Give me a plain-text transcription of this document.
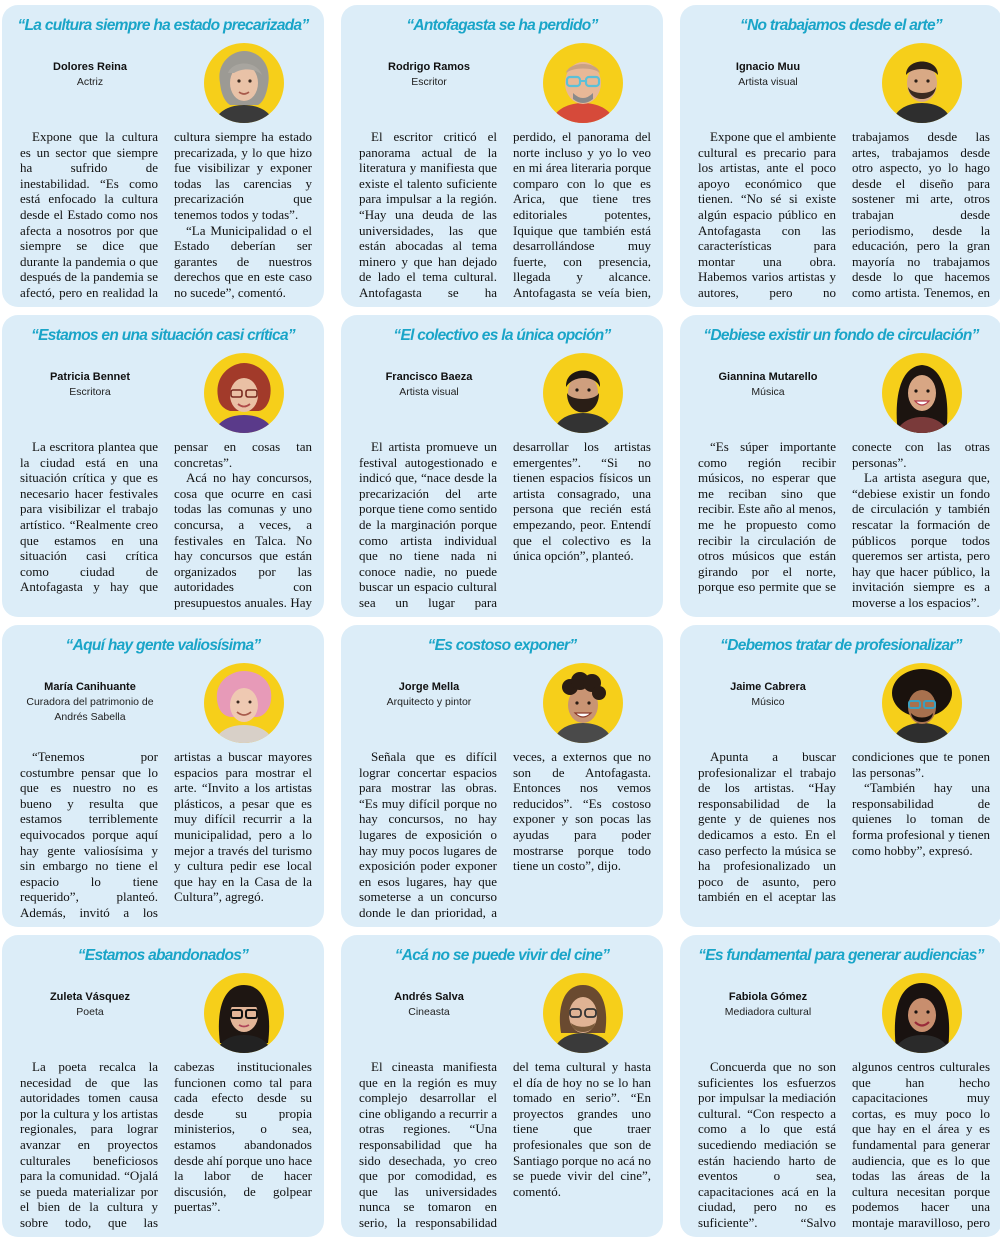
“La cultura siempre ha estado precarizada”
Dolores Reina
Actriz

Expone que la cultura es un sector que siempre ha sufrido de inestabilidad. “Es como está enfocado la cultura desde el Estado como nos afecta a nosotros por que siempre se dice que durante la pandemia o que después de la pandemia se afectó, pero en realidad la cultura siempre ha estado precarizada, y lo que hizo fue visibilizar y exponer todas las carencias y precarización que tenemos todos y todas”.

“La Municipalidad o el Estado deberían ser garantes de nuestros derechos que en este caso no sucede”, comentó.

“Antofagasta se ha perdido”
Rodrigo Ramos
Escritor

El escritor criticó el panorama actual de la literatura y manifiesta que existe el talento suficiente para impulsar a la región. “Hay una deuda de las universidades, las que están abocadas al tema minero y que han dejado de lado el tema cultural. Antofagasta se ha perdido, el panorama del norte incluso y yo lo veo en mi área literaria porque comparo con lo que es Arica, que tiene tres editoriales potentes, Iquique que también está desarrollándose muy fuerte, con presencia, llegada y alcance. Antofagasta se veía bien,

“No trabajamos desde el arte”
Ignacio Muu
Artista visual

Expone que el ambiente cultural es precario para los artistas, ante el poco apoyo económico que tienen. “No sé si existe algún espacio público en Antofagasta con las características para montar una obra. Habemos varios artistas y autores, pero no trabajamos desde las artes, trabajamos desde otro aspecto, yo lo hago desde el diseño para sostener mi arte, otros trabajan desde periodismo, desde la educación, pero la gran mayoría no trabajamos desde lo que hacemos como artista. Tenemos, en

“Estamos en una situación casi crítica”
Patricia Bennet
Escritora

La escritora plantea que la ciudad está en una situación crítica y que es necesario hacer festivales para visibilizar el trabajo artístico. “Realmente creo que estamos en una situación casi crítica como ciudad de Antofagasta y hay que pensar en cosas tan concretas”.

Acá no hay concursos, cosa que ocurre en casi todas las comunas y uno concursa, a veces, a festivales en Talca. No hay concursos que están organizados por las autoridades con presupuestos anuales. Hay

“El colectivo es la única opción”
Francisco Baeza
Artista visual

El artista promueve un festival autogestionado e indicó que, “nace desde la precarización del arte porque tiene como sentido de la marginación porque como artista individual que no tiene nada ni conoce nadie, no puede buscar un espacio cultural sea un lugar para desarrollar los artistas emergentes”. “Si no tienen espacios físicos un artista consagrado, una persona que recién está empezando, peor. Entendí que el colectivo es la única opción”, planteó.

“Debiese existir un fondo de circulación”
Giannina Mutarello
Música

“Es súper importante como región recibir músicos, no esperar que me reciban sino que recibir. Este año al menos, me he propuesto como recibir la circulación de otros músicos que están girando por el norte, porque eso permite que se conecte con las otras personas”.

La artista asegura que, “debiese existir un fondo de circulación y también rescatar la formación de públicos porque todos queremos ser artista, pero hay que hacer público, la invitación siempre es a moverse a los espacios”.

“Aquí hay gente valiosísima”
María Canihuante
Curadora del patrimonio de Andrés Sabella

“Tenemos por costumbre pensar que lo que es nuestro no es bueno y resulta que estamos terriblemente equivocados porque aquí hay gente valiosísima y sin embargo no tiene el espacio lo tiene requerido”, planteó. Además, invitó a los artistas a buscar mayores espacios para mostrar el arte. “Invito a los artistas plásticos, a pesar que es muy difícil recurrir a la municipalidad, pero a lo mejor a través del turismo y cultura pedir ese local que hay en la Casa de la Cultura”, agregó.

“Es costoso exponer”
Jorge Mella
Arquitecto y pintor

Señala que es difícil lograr concertar espacios para mostrar las obras. “Es muy difícil porque no hay concursos, no hay lugares de exposición o hay muy pocos lugares de exposición poder exponer en esos lugares, hay que someterse a un concurso donde le dan prioridad, a veces, a externos que no son de Antofagasta. Entonces nos vemos reducidos”. “Es costoso exponer y son pocas las ayudas para poder mostrarse porque todo tiene un costo”, dijo.

“Debemos tratar de profesionalizar”
Jaime Cabrera
Músico

Apunta a buscar profesionalizar el trabajo de los artistas. “Hay responsabilidad de la gente y de quienes nos dedicamos a esto. En el caso perfecto la música se ha profesionalizado un poco de asunto, pero también en el aceptar las condiciones que te ponen las personas”.

“También hay una responsabilidad de quienes lo toman de forma profesional y tienen como hobby”, expresó.

“Estamos abandonados”
Zuleta Vásquez
Poeta

La poeta recalca la necesidad de que las autoridades tomen causa por la cultura y los artistas regionales, para lograr avanzar en proyectos culturales beneficiosos para la comunidad. “Ojalá se pueda materializar por el bien de la cultura y sobre todo, que las cabezas institucionales funcionen como tal para cada efecto desde su desde su propia ministerios, o sea, estamos abandonados desde ahí porque uno hace la labor de hacer discusión, de golpear puertas”.

“Acá no se puede vivir del cine”
Andrés Salva
Cineasta

El cineasta manifiesta que en la región es muy complejo desarrollar el cine obligando a recurrir a otras regiones. “Una responsabilidad que ha sido desechada, yo creo que por comodidad, es que las universidades nunca se tomaron en serio, la responsabilidad del tema cultural y hasta el día de hoy no se lo han tomado en serio”. “En proyectos grandes uno tiene que traer profesionales que son de Santiago porque no acá no se puede vivir del cine”, comentó.

“Es fundamental para generar audiencias”
Fabiola Gómez
Mediadora cultural

Concuerda que no son suficientes los esfuerzos por impulsar la mediación cultural. “Con respecto a como a lo que está sucediendo mediación se están haciendo harto de eventos o sea, capacitaciones acá en la ciudad, pero no es suficiente”. “Salvo algunos centros culturales que han hecho capacitaciones muy cortas, es muy poco lo que hay en el área y es fundamental para generar audiencia, que es lo que todas las áreas de la cultura necesitan porque podemos hacer una montaje maravilloso, pero
